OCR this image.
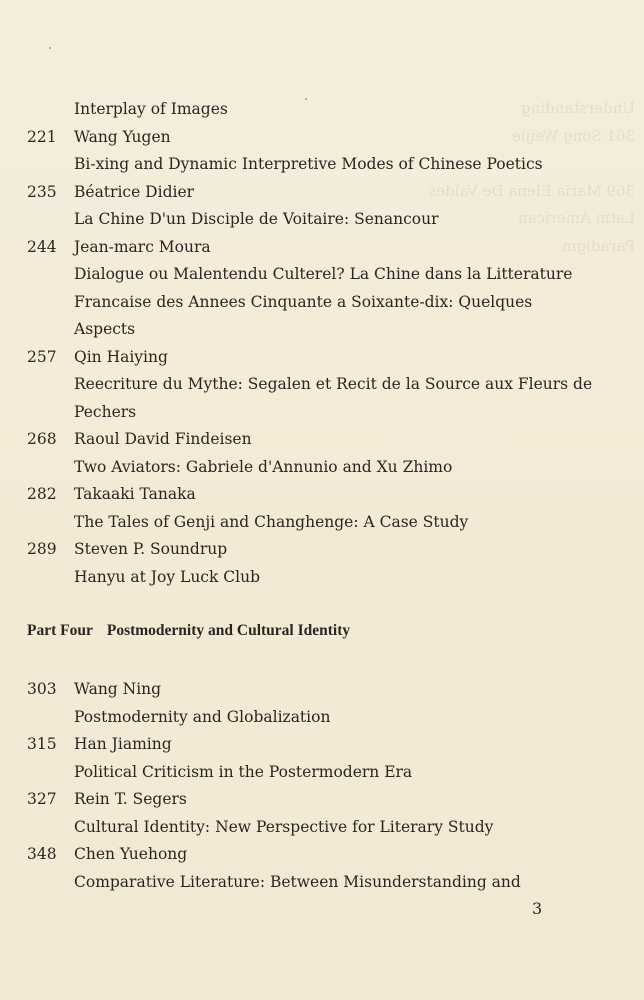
Understanding
361 Song Weijie
369 Maria Elena De Valdes
Latin American
Paradigm
Interplay of Images
221	Wang Yugen
Bi-xing and Dynamic Interpretive Modes of Chinese Poetics
235	Béatrice Didier
La Chine D'un Disciple de Voitaire: Senancour
244	Jean-marc Moura
Dialogue ou Malentendu Culterel? La Chine dans la Litterature
Francaise des Annees Cinquante a Soixante-dix: Quelques
Aspects
257	Qin Haiying
Reecriture du Mythe: Segalen et Recit de la Source aux Fleurs de
Pechers
268	Raoul David Findeisen
Two Aviators: Gabriele d'Annunio and Xu Zhimo
282	Takaaki Tanaka
The Tales of Genji and Changhenge: A Case Study
289	Steven P. Soundrup
Hanyu at Joy Luck Club
Part Four Postmodernity and Cultural Identity
303	Wang Ning
Postmodernity and Globalization
315	Han Jiaming
Political Criticism in the Postermodern Era
327	Rein T. Segers
Cultural Identity: New Perspective for Literary Study
348	Chen Yuehong
Comparative Literature: Between Misunderstanding and
3
